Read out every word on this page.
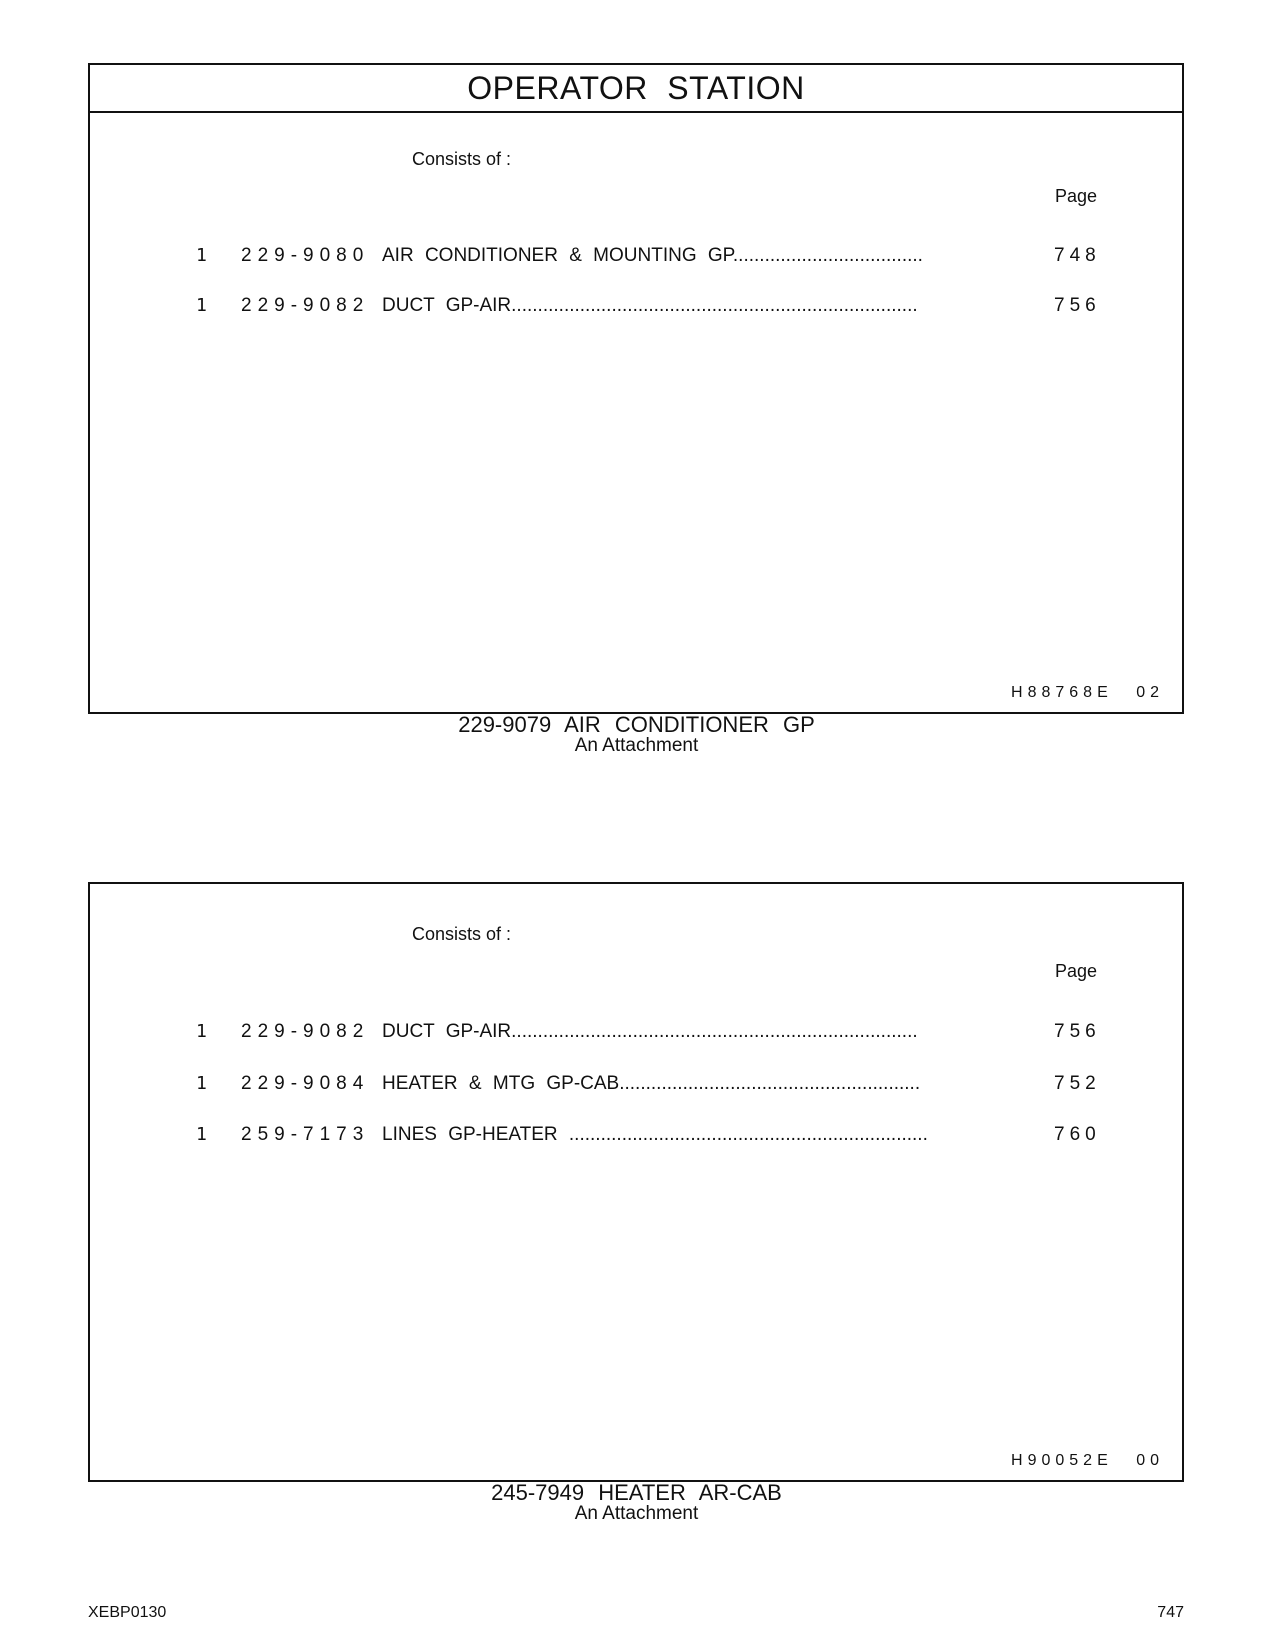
OPERATOR STATION
Consists of :
Page
1 229-9080 AIR CONDITIONER & MOUNTING GP....................................	748
1 229-9082 DUCT GP-AIR.............................................................................	756
H88768E 02
229-9079 AIR CONDITIONER GP
An Attachment
Consists of :
Page
1 229-9082 DUCT GP-AIR.............................................................................	756
1 229-9084 HEATER & MTG GP-CAB.........................................................	752
1 259-7173 LINES GP-HEATER ....................................................................	760
H90052E 00
245-7949 HEATER AR-CAB
An Attachment
XEBP0130	747
